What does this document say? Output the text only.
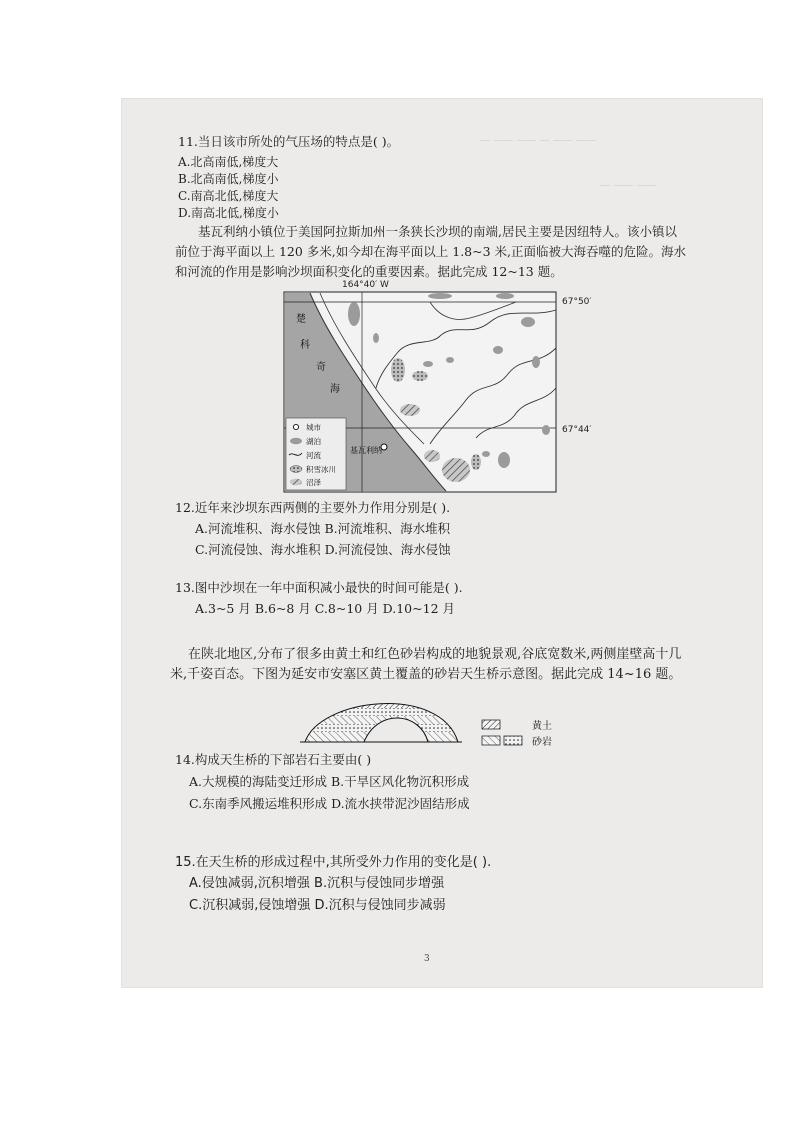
— —— —— — —— ——
— —— ——
11.当日该市所处的气压场的特点是( )。
A.北高南低,梯度大
B.北高南低,梯度小
C.南高北低,梯度大
D.南高北低,梯度小
基瓦利纳小镇位于美国阿拉斯加州一条狭长沙坝的南端,居民主要是因纽特人。该小镇以
前位于海平面以上 120 多米,如今却在海平面以上 1.8~3 米,正面临被大海吞噬的危险。海水
和河流的作用是影响沙坝面积变化的重要因素。据此完成 12~13 题。
164°40′ W
67°50′
67°44′
楚
科
奇
海
基瓦利纳
城市
湖泊
河流
积雪冰川
沼泽
12.近年来沙坝东西两侧的主要外力作用分别是( ).
A.河流堆积、海水侵蚀 B.河流堆积、海水堆积
C.河流侵蚀、海水堆积 D.河流侵蚀、海水侵蚀
13.图中沙坝在一年中面积减小最快的时间可能是( ).
A.3~5 月 B.6~8 月 C.8~10 月 D.10~12 月
在陕北地区,分布了很多由黄土和红色砂岩构成的地貌景观,谷底宽数米,两侧崖壁高十几
米,千姿百态。下图为延安市安塞区黄土覆盖的砂岩天生桥示意图。据此完成 14~16 题。
黄土
砂岩
14.构成天生桥的下部岩石主要由( )
A.大规模的海陆变迁形成 B.干旱区风化物沉积形成
C.东南季风搬运堆积形成 D.流水挟带泥沙固结形成
15.在天生桥的形成过程中,其所受外力作用的变化是( ).
A.侵蚀减弱,沉积增强 B.沉积与侵蚀同步增强
C.沉积减弱,侵蚀增强 D.沉积与侵蚀同步减弱
3
